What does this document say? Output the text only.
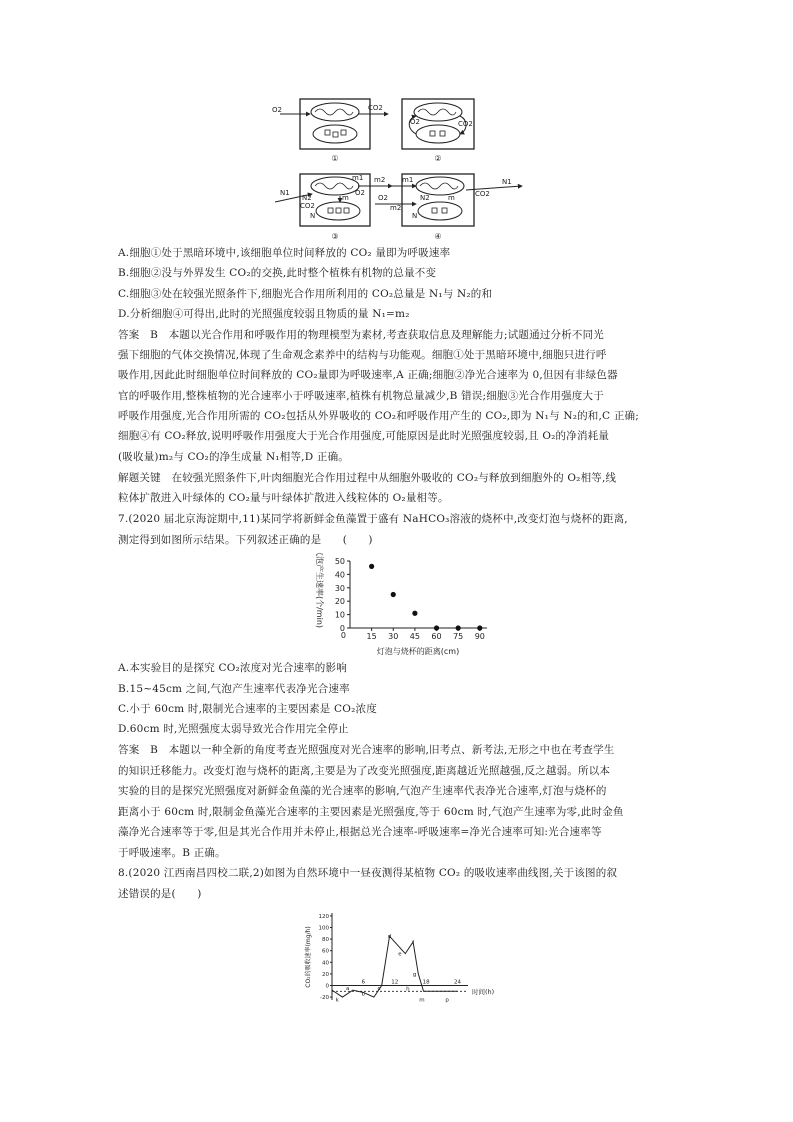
O2	CO2
O2	CO2
N1
N2
CO2
m2
m1
O2
m
N
m1
O2
m2
CO2
N1
N2	m
N
①	②
③	④
A.细胞①处于黑暗环境中,该细胞单位时间释放的 CO₂ 量即为呼吸速率
B.细胞②没与外界发生 CO₂的交换,此时整个植株有机物的总量不变
C.细胞③处在较强光照条件下,细胞光合作用所利用的 CO₂总量是 N₁与 N₂的和
D.分析细胞④可得出,此时的光照强度较弱且物质的量 N₁=m₂
答案　B　本题以光合作用和呼吸作用的物理模型为素材,考查获取信息及理解能力;试题通过分析不同光
强下细胞的气体交换情况,体现了生命观念素养中的结构与功能观。细胞①处于黑暗环境中,细胞只进行呼
吸作用,因此此时细胞单位时间释放的 CO₂量即为呼吸速率,A 正确;细胞②净光合速率为 0,但因有非绿色器
官的呼吸作用,整株植物的光合速率小于呼吸速率,植株有机物总量减少,B 错误;细胞③光合作用强度大于
呼吸作用强度,光合作用所需的 CO₂包括从外界吸收的 CO₂和呼吸作用产生的 CO₂,即为 N₁与 N₂的和,C 正确;
细胞④有 CO₂释放,说明呼吸作用强度大于光合作用强度,可能原因是此时光照强度较弱,且 O₂的净消耗量
(吸收量)m₂与 CO₂的净生成量 N₁相等,D 正确。
解题关键　在较强光照条件下,叶肉细胞光合作用过程中从细胞外吸收的 CO₂与释放到细胞外的 O₂相等,线
粒体扩散进入叶绿体的 CO₂量与叶绿体扩散进入线粒体的 O₂量相等。
7.(2020 届北京海淀期中,11)某同学将新鲜金鱼藻置于盛有 NaHCO₃溶液的烧杯中,改变灯泡与烧杯的距离,
测定得到如图所示结果。下列叙述正确的是　　(　　)
气泡产生速率(个/min)
灯泡与烧杯的距离(cm)
0
10
20
30
40
50
0	15 30 45 60 75 90
A.本实验目的是探究 CO₂浓度对光合速率的影响
B.15~45cm 之间,气泡产生速率代表净光合速率
C.小于 60cm 时,限制光合速率的主要因素是 CO₂浓度
D.60cm 时,光照强度太弱导致光合作用完全停止
答案　B　本题以一种全新的角度考查光照强度对光合速率的影响,旧考点、新考法,无形之中也在考查学生
的知识迁移能力。改变灯泡与烧杯的距离,主要是为了改变光照强度,距离越近光照越强,反之越弱。所以本
实验的目的是探究光照强度对新鲜金鱼藻的光合速率的影响,气泡产生速率代表净光合速率,灯泡与烧杯的
距离小于 60cm 时,限制金鱼藻光合速率的主要因素是光照强度,等于 60cm 时,气泡产生速率为零,此时金鱼
藻净光合速率等于零,但是其光合作用并未停止,根据总光合速率-呼吸速率=净光合速率可知:光合速率等
于呼吸速率。B 正确。
8.(2020 江西南昌四校二联,2)如图为自然环境中一昼夜测得某植物 CO₂ 的吸收速率曲线图,关于该图的叙
述错误的是(　　)
CO₂的吸收速率(mg/h)
时间(h)
120
100
80
60
40
20
0
-20
6	12	18	24
a
b
c
d
e
f
g
h
k	m	p
